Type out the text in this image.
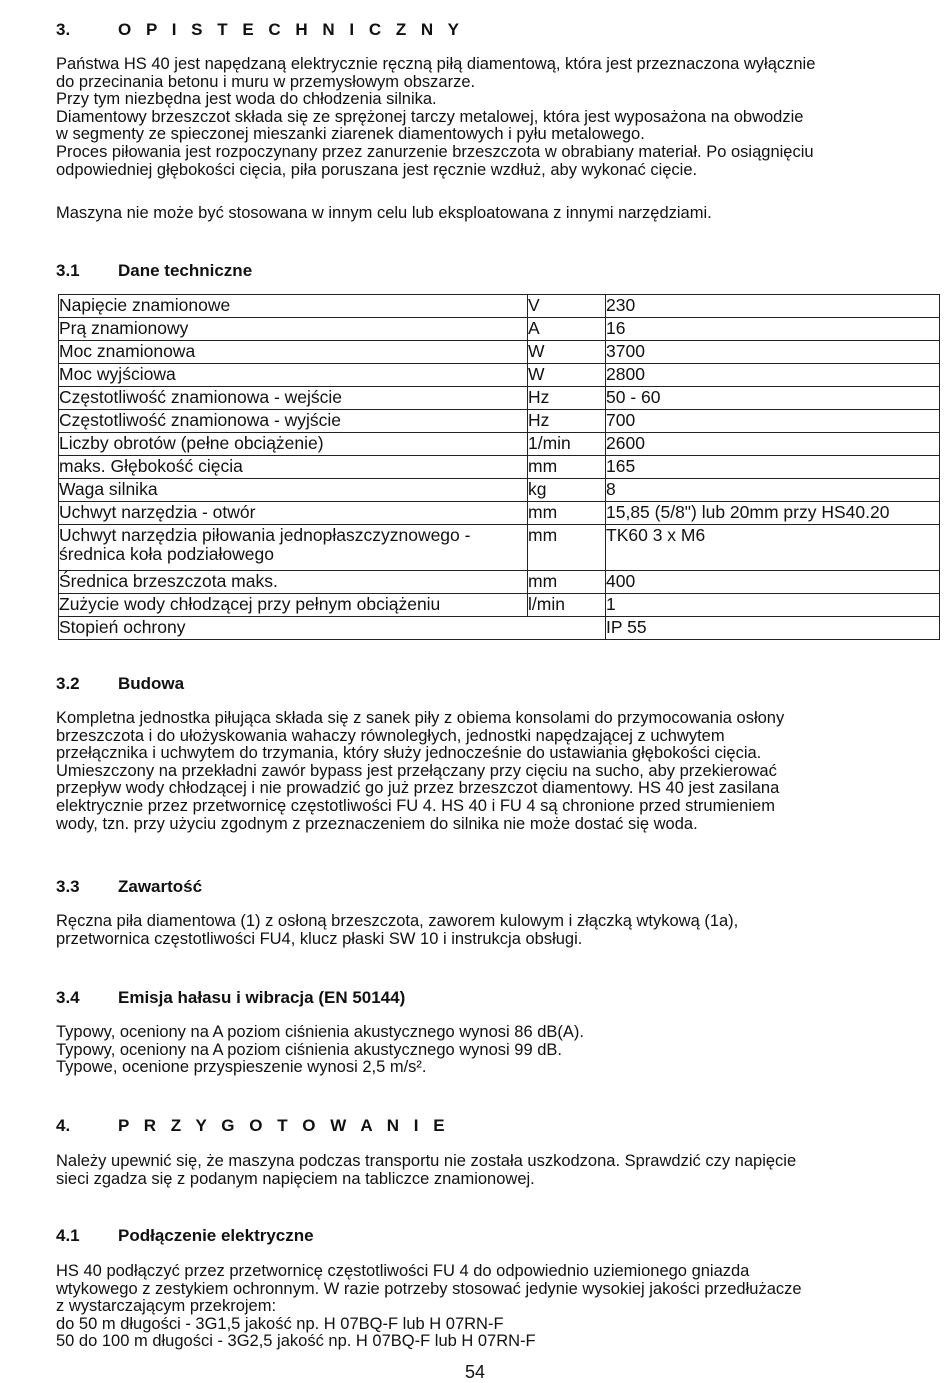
3.	O P I S T E C H N I C Z N Y
Państwa HS 40 jest napędzaną elektrycznie ręczną piłą diamentową, która jest przeznaczona wyłącznie
do przecinania betonu i muru w przemysłowym obszarze.
Przy tym niezbędna jest woda do chłodzenia silnika.
Diamentowy brzeszczot składa się ze sprężonej tarczy metalowej, która jest wyposażona na obwodzie
w segmenty ze spieczonej mieszanki ziarenek diamentowych i pyłu metalowego.
Proces piłowania jest rozpoczynany przez zanurzenie brzeszczota w obrabiany materiał. Po osiągnięciu
odpowiedniej głębokości cięcia, piła poruszana jest ręcznie wzdłuż, aby wykonać cięcie.
Maszyna nie może być stosowana w innym celu lub eksploatowana z innymi narzędziami.
3.1 Dane techniczne
Napięcie znamionowe	V	230
Prą znamionowy	A	16
Moc znamionowa	W	3700
Moc wyjściowa	W	2800
Częstotliwość znamionowa - wejście	Hz	50 - 60
Częstotliwość znamionowa - wyjście	Hz	700
Liczby obrotów (pełne obciążenie)	1/min	2600
maks. Głębokość cięcia	mm	165
Waga silnika	kg	8
Uchwyt narzędzia - otwór	mm	15,85 (5/8") lub 20mm przy HS40.20

Uchwyt narzędzia piłowania jednopłaszczyznowego -
średnica koła podziałowego	mm	TK60 3 x M6
Średnica brzeszczota maks.	mm	400
Zużycie wody chłodzącej przy pełnym obciążeniu	l/min	1
Stopień ochrony		IP 55
3.2 Budowa
Kompletna jednostka piłująca składa się z sanek piły z obiema konsolami do przymocowania osłony
brzeszczota i do ułożyskowania wahaczy równoległych, jednostki napędzającej z uchwytem
przełącznika i uchwytem do trzymania, który służy jednocześnie do ustawiania głębokości cięcia.
Umieszczony na przekładni zawór bypass jest przełączany przy cięciu na sucho, aby przekierować
przepływ wody chłodzącej i nie prowadzić go już przez brzeszczot diamentowy. HS 40 jest zasilana
elektrycznie przez przetwornicę częstotliwości FU 4. HS 40 i FU 4 są chronione przed strumieniem
wody, tzn. przy użyciu zgodnym z przeznaczeniem do silnika nie może dostać się woda.
3.3 Zawartość
Ręczna piła diamentowa (1) z osłoną brzeszczota, zaworem kulowym i złączką wtykową (1a),
przetwornica częstotliwości FU4, klucz płaski SW 10 i instrukcja obsługi.
3.4 Emisja hałasu i wibracja (EN 50144)
Typowy, oceniony na A poziom ciśnienia akustycznego wynosi 86 dB(A).
Typowy, oceniony na A poziom ciśnienia akustycznego wynosi 99 dB.
Typowe, ocenione przyspieszenie wynosi 2,5 m/s².
4.	P R Z Y G O T O W A N I E
Należy upewnić się, że maszyna podczas transportu nie została uszkodzona. Sprawdzić czy napięcie
sieci zgadza się z podanym napięciem na tabliczce znamionowej.
4.1 Podłączenie elektryczne
HS 40 podłączyć przez przetwornicę częstotliwości FU 4 do odpowiednio uziemionego gniazda
wtykowego z zestykiem ochronnym. W razie potrzeby stosować jedynie wysokiej jakości przedłużacze
z wystarczającym przekrojem:
do 50 m długości - 3G1,5 jakość np. H 07BQ-F lub H 07RN-F
50 do 100 m długości - 3G2,5 jakość np. H 07BQ-F lub H 07RN-F
54
